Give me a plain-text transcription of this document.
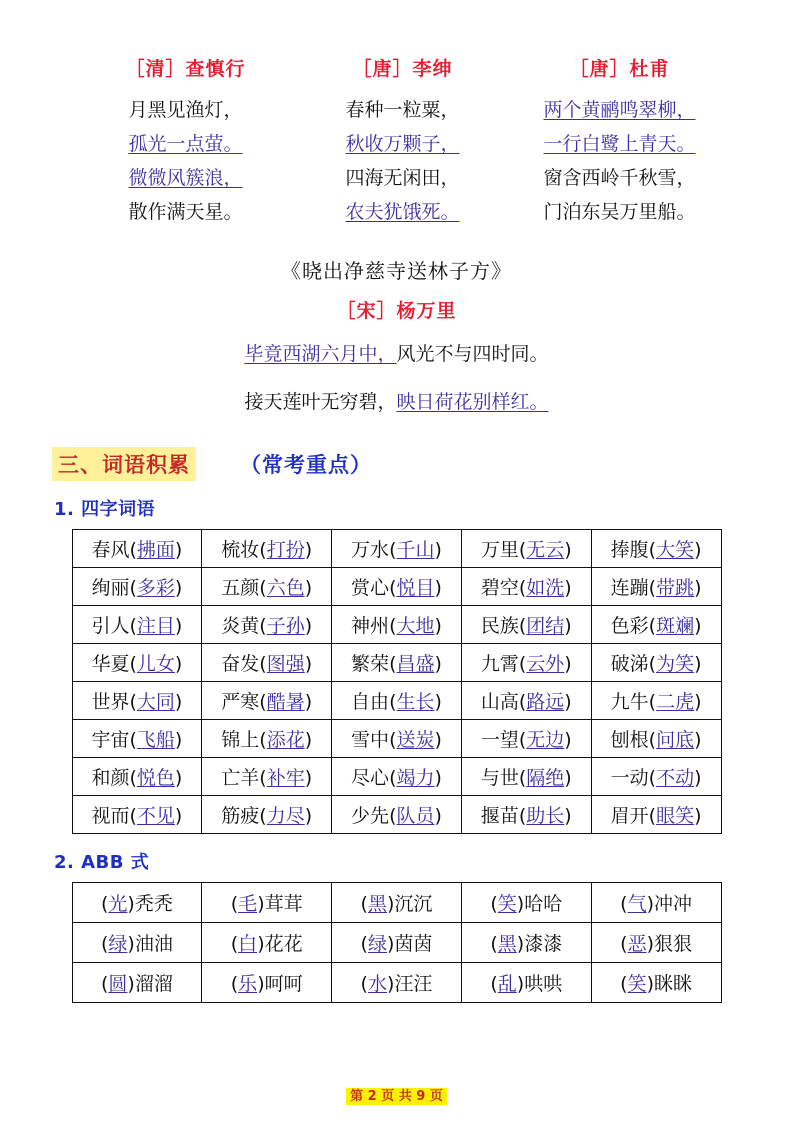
［清］查慎行
月黑见渔灯，
孤光一点萤。
微微风簇浪，
散作满天星。
［唐］李绅
春种一粒粟，
秋收万颗子，
四海无闲田，
农夫犹饿死。
［唐］杜甫
两个黄鹂鸣翠柳，
一行白鹭上青天。
窗含西岭千秋雪，
门泊东吴万里船。
《晓出净慈寺送林子方》
［宋］杨万里
毕竟西湖六月中，风光不与四时同。
接天莲叶无穷碧，映日荷花别样红。
三、词语积累 （常考重点）
1. 四字词语
春风(拂面)	梳妆(打扮)	万水(千山)	万里(无云)	捧腹(大笑)
绚丽(多彩)	五颜(六色)	赏心(悦目)	碧空(如洗)	连蹦(带跳)
引人(注目)	炎黄(子孙)	神州(大地)	民族(团结)	色彩(斑斓)
华夏(儿女)	奋发(图强)	繁荣(昌盛)	九霄(云外)	破涕(为笑)
世界(大同)	严寒(酷暑)	自由(生长)	山高(路远)	九牛(二虎)
宇宙(飞船)	锦上(添花)	雪中(送炭)	一望(无边)	刨根(问底)
和颜(悦色)	亡羊(补牢)	尽心(竭力)	与世(隔绝)	一动(不动)
视而(不见)	筋疲(力尽)	少先(队员)	揠苗(助长)	眉开(眼笑)
2. ABB 式
(光)秃秃	(毛)茸茸	(黑)沉沉	(笑)哈哈	(气)冲冲
(绿)油油	(白)花花	(绿)茵茵	(黑)漆漆	(恶)狠狠
(圆)溜溜	(乐)呵呵	(水)汪汪	(乱)哄哄	(笑)眯眯
第 2 页 共 9 页
